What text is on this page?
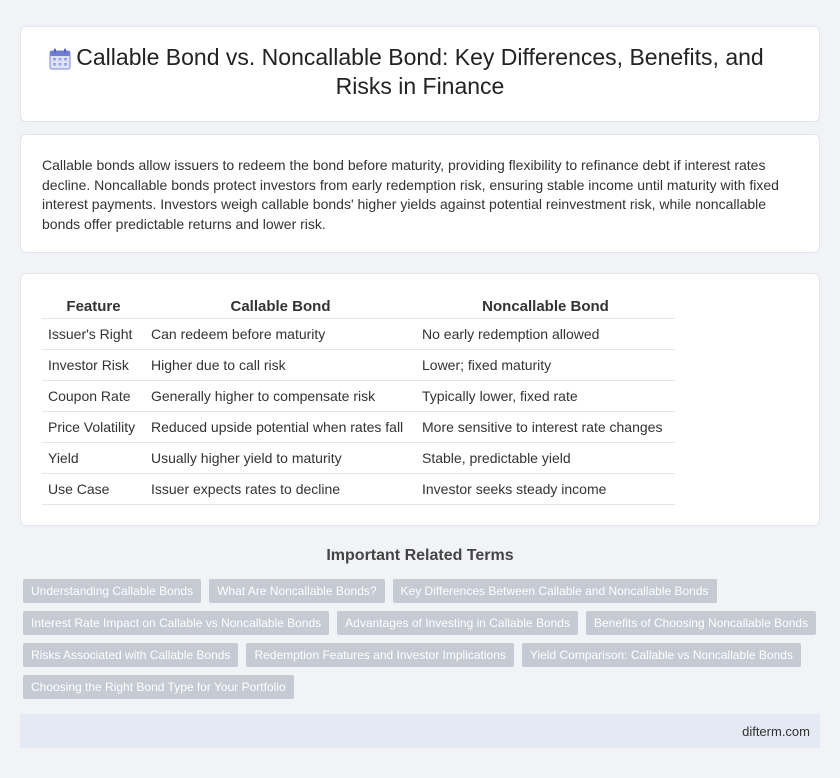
Callable Bond vs. Noncallable Bond: Key Differences, Benefits, and Risks in Finance

Callable bonds allow issuers to redeem the bond before maturity, providing flexibility to refinance debt if interest rates decline. Noncallable bonds protect investors from early redemption risk, ensuring stable income until maturity with fixed interest payments. Investors weigh callable bonds' higher yields against potential reinvestment risk, while noncallable bonds offer predictable returns and lower risk.

Feature	Callable Bond	Noncallable Bond
Issuer's Right	Can redeem before maturity	No early redemption allowed
Investor Risk	Higher due to call risk	Lower; fixed maturity
Coupon Rate	Generally higher to compensate risk	Typically lower, fixed rate
Price Volatility	Reduced upside potential when rates fall	More sensitive to interest rate changes
Yield	Usually higher yield to maturity	Stable, predictable yield
Use Case	Issuer expects rates to decline	Investor seeks steady income
Important Related Terms
Understanding Callable Bonds	What Are Noncallable Bonds?	Key Differences Between Callable and Noncallable Bonds
Interest Rate Impact on Callable vs Noncallable Bonds	Advantages of Investing in Callable Bonds	Benefits of Choosing Noncallable Bonds
Risks Associated with Callable Bonds	Redemption Features and Investor Implications	Yield Comparison: Callable vs Noncallable Bonds
Choosing the Right Bond Type for Your Portfolio
difterm.com
